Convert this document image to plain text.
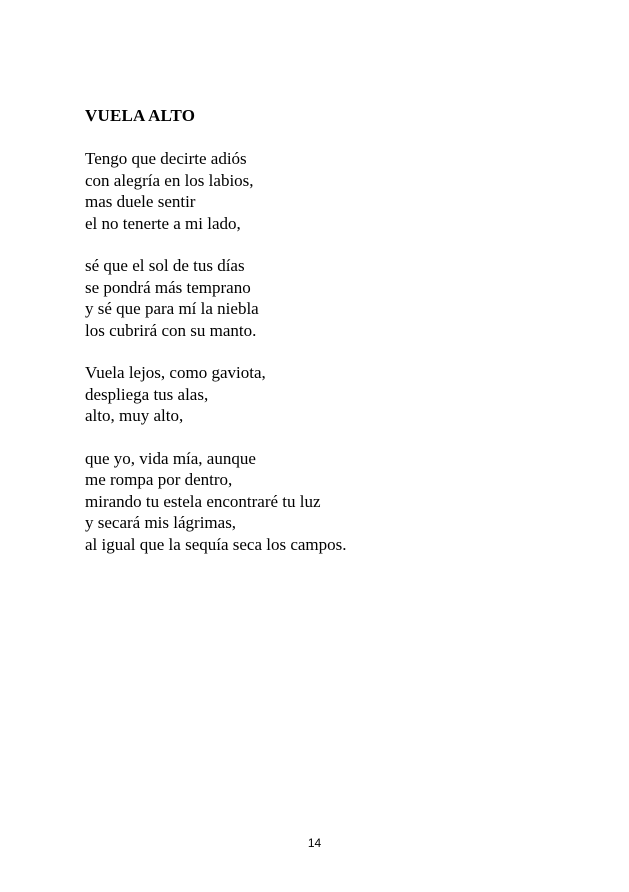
VUELA ALTO
Tengo que decirte adiós
con alegría en los labios,
mas duele sentir
el no tenerte a mi lado,
sé que el sol de tus días
se pondrá más temprano
y sé que para mí la niebla
los cubrirá con su manto.
Vuela lejos, como gaviota,
despliega tus alas,
alto, muy alto,
que yo, vida mía, aunque
me rompa por dentro,
mirando tu estela encontraré tu luz
y secará mis lágrimas,
al igual que la sequía seca los campos.
14
